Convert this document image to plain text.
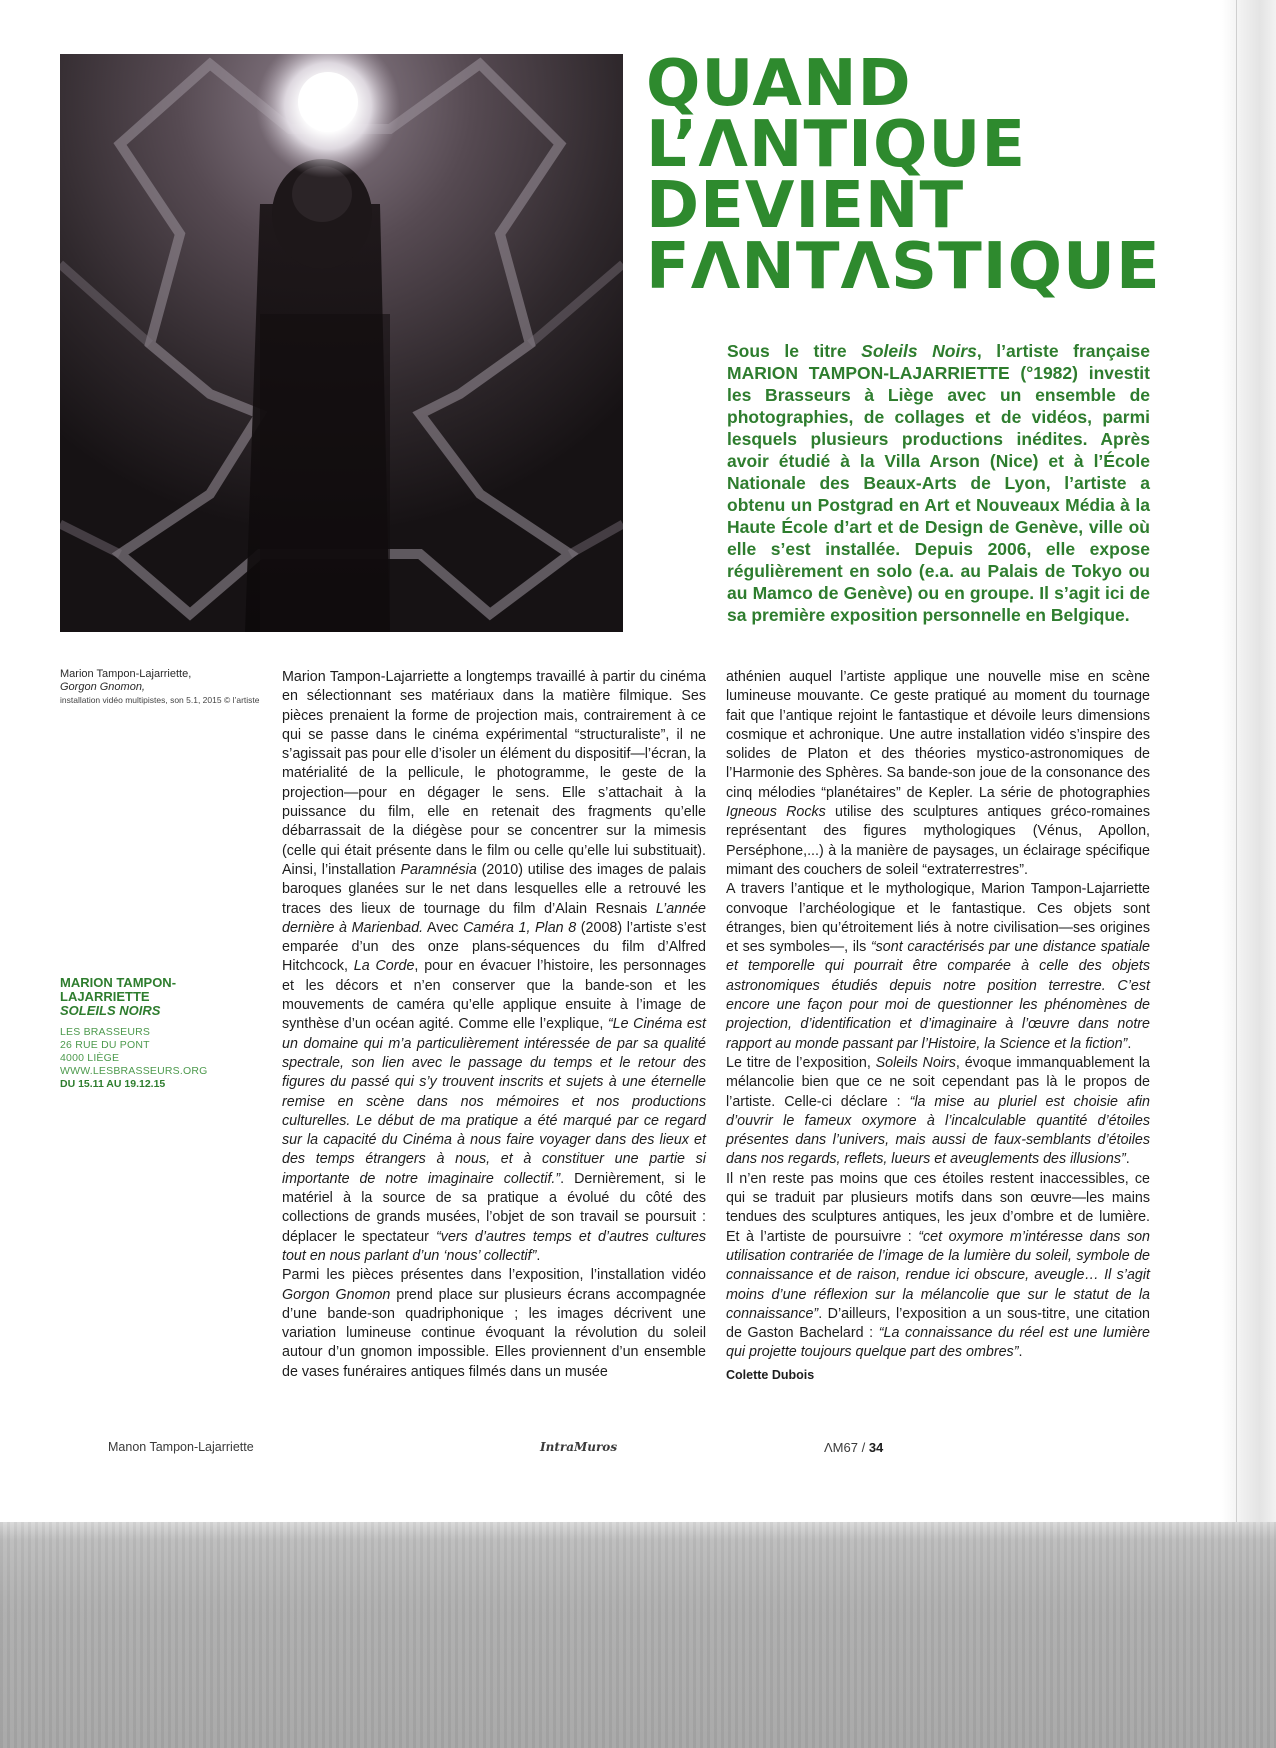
QUAND
L’ΛNTIQUE
DEVIENT
FΛNTΛSTIQUE

Sous le titre Soleils Noirs, l’artiste française MARION TAMPON-LAJARRIETTE (°1982) investit les Brasseurs à Liège avec un ensemble de photographies, de collages et de vidéos, parmi lesquels plusieurs productions inédites. Après avoir étudié à la Villa Arson (Nice) et à l’École Nationale des Beaux-Arts de Lyon, l’artiste a obtenu un Postgrad en Art et Nouveaux Média à la Haute École d’art et de Design de Genève, ville où elle s’est installée. Depuis 2006, elle expose régulièrement en solo (e.a. au Palais de Tokyo ou au Mamco de Genève) ou en groupe. Il s’agit ici de sa première exposition personnelle en Belgique.

Marion Tampon-Lajarriette,
Gorgon Gnomon,
installation vidéo multipistes, son 5.1, 2015 © l’artiste

MARION TAMPON-LAJARRIETTE

SOLEILS NOIRS

LES BRASSEURS

26 RUE DU PONT

4000 LIÈGE

WWW.LESBRASSEURS.ORG

DU 15.11 AU 19.12.15

Marion Tampon-Lajarriette a longtemps travaillé à partir du cinéma en sélectionnant ses matériaux dans la matière filmique. Ses pièces prenaient la forme de projection mais, contrairement à ce qui se passe dans le cinéma expérimental “structuraliste”, il ne s’agissait pas pour elle d’isoler un élément du dispositif—l’écran, la matérialité de la pellicule, le photogramme, le geste de la projection—pour en dégager le sens. Elle s’attachait à la puissance du film, elle en retenait des fragments qu’elle débarrassait de la diégèse pour se concentrer sur la mimesis (celle qui était présente dans le film ou celle qu’elle lui substituait). Ainsi, l’installation Paramnésia (2010) utilise des images de palais baroques glanées sur le net dans lesquelles elle a retrouvé les traces des lieux de tournage du film d’Alain Resnais L’année dernière à Marienbad. Avec Caméra 1, Plan 8 (2008) l’artiste s’est emparée d’un des onze plans-séquences du film d’Alfred Hitchcock, La Corde, pour en évacuer l’histoire, les personnages et les décors et n’en conserver que la bande-son et les mouvements de caméra qu’elle applique ensuite à l’image de synthèse d’un océan agité. Comme elle l’explique, “Le Cinéma est un domaine qui m’a particulièrement intéressée de par sa qualité spectrale, son lien avec le passage du temps et le retour des figures du passé qui s’y trouvent inscrits et sujets à une éternelle remise en scène dans nos mémoires et nos productions culturelles. Le début de ma pratique a été marqué par ce regard sur la capacité du Cinéma à nous faire voyager dans des lieux et des temps étrangers à nous, et à constituer une partie si importante de notre imaginaire collectif.”. Dernièrement, si le matériel à la source de sa pratique a évolué du côté des collections de grands musées, l’objet de son travail se poursuit : déplacer le spectateur “vers d’autres temps et d’autres cultures tout en nous parlant d’un ‘nous’ collectif”.

Parmi les pièces présentes dans l’exposition, l’installation vidéo Gorgon Gnomon prend place sur plusieurs écrans accompagnée d’une bande-son quadriphonique ; les images décrivent une variation lumineuse continue évoquant la révolution du soleil autour d’un gnomon impossible. Elles proviennent d’un ensemble de vases funéraires antiques filmés dans un musée

athénien auquel l’artiste applique une nouvelle mise en scène lumineuse mouvante. Ce geste pratiqué au moment du tournage fait que l’antique rejoint le fantastique et dévoile leurs dimensions cosmique et achronique. Une autre installation vidéo s’inspire des solides de Platon et des théories mystico-astronomiques de l’Harmonie des Sphères. Sa bande-son joue de la consonance des cinq mélodies “planétaires” de Kepler. La série de photographies Igneous Rocks utilise des sculptures antiques gréco-romaines représentant des figures mythologiques (Vénus, Apollon, Perséphone,...) à la manière de paysages, un éclairage spécifique mimant des couchers de soleil “extraterrestres”.

A travers l’antique et le mythologique, Marion Tampon-Lajarriette convoque l’archéologique et le fantastique. Ces objets sont étranges, bien qu’étroitement liés à notre civilisation—ses origines et ses symboles—, ils “sont caractérisés par une distance spatiale et temporelle qui pourrait être comparée à celle des objets astronomiques étudiés depuis notre position terrestre. C’est encore une façon pour moi de questionner les phénomènes de projection, d’identification et d’imaginaire à l’œuvre dans notre rapport au monde passant par l’Histoire, la Science et la fiction”.

Le titre de l’exposition, Soleils Noirs, évoque immanquablement la mélancolie bien que ce ne soit cependant pas là le propos de l’artiste. Celle-ci déclare : “la mise au pluriel est choisie afin d’ouvrir le fameux oxymore à l’incalculable quantité d’étoiles présentes dans l’univers, mais aussi de faux-semblants d’étoiles dans nos regards, reflets, lueurs et aveuglements des illusions”.

Il n’en reste pas moins que ces étoiles restent inaccessibles, ce qui se traduit par plusieurs motifs dans son œuvre—les mains tendues des sculptures antiques, les jeux d’ombre et de lumière. Et à l’artiste de poursuivre : “cet oxymore m’intéresse dans son utilisation contrariée de l’image de la lumière du soleil, symbole de connaissance et de raison, rendue ici obscure, aveugle… Il s’agit moins d’une réflexion sur la mélancolie que sur le statut de la connaissance”. D’ailleurs, l’exposition a un sous-titre, une citation de Gaston Bachelard : “La connaissance du réel est une lumière qui projette toujours quelque part des ombres”.

Colette Dubois

Manon Tampon-Lajarriette	IntraMuros	ΛM67 / 34
